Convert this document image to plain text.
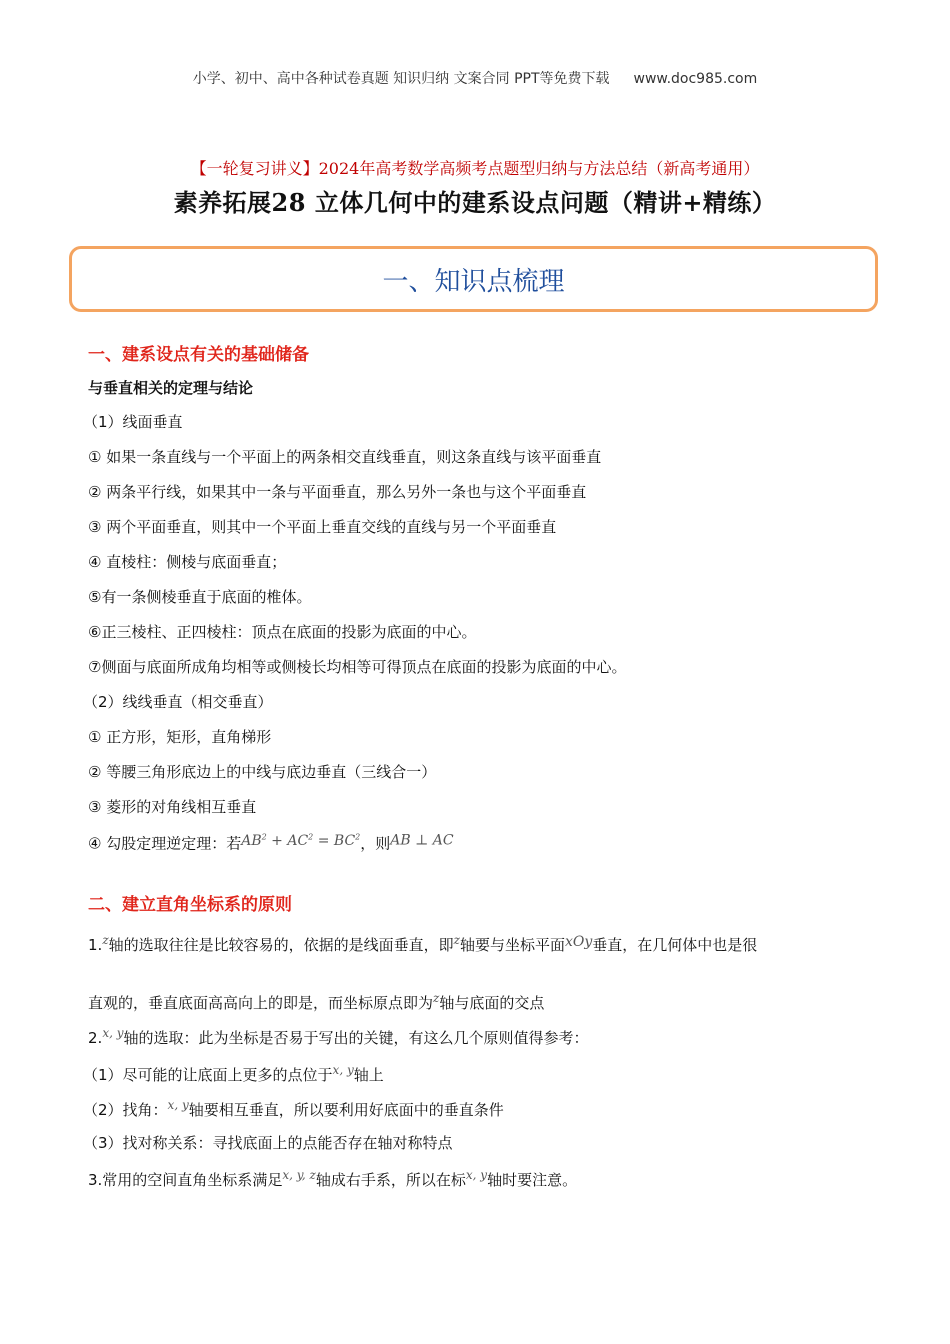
小学、初中、高中各种试卷真题 知识归纳 文案合同 PPT等免费下载 www.doc985.com
【一轮复习讲义】2024年高考数学高频考点题型归纳与方法总结（新高考通用）
素养拓展28 立体几何中的建系设点问题（精讲+精练）
一、知识点梳理
一、建系设点有关的基础储备
与垂直相关的定理与结论
（1）线面垂直
① 如果一条直线与一个平面上的两条相交直线垂直，则这条直线与该平面垂直
② 两条平行线，如果其中一条与平面垂直，那么另外一条也与这个平面垂直
③ 两个平面垂直，则其中一个平面上垂直交线的直线与另一个平面垂直
④ 直棱柱：侧棱与底面垂直；
⑤有一条侧棱垂直于底面的椎体。
⑥正三棱柱、正四棱柱：顶点在底面的投影为底面的中心。
⑦侧面与底面所成角均相等或侧棱长均相等可得顶点在底面的投影为底面的中心。
（2）线线垂直（相交垂直）
① 正方形，矩形，直角梯形
② 等腰三角形底边上的中线与底边垂直（三线合一）
③ 菱形的对角线相互垂直
④ 勾股定理逆定理：若$AB^2 + AC^2 = BC^2$，则AB ⊥ AC
二、建立直角坐标系的原则
1.$^z$轴的选取往往是比较容易的，依据的是线面垂直，即$^z$轴要与坐标平面xOy垂直，在几何体中也是很
直观的，垂直底面高高向上的即是，而坐标原点即为$^z$轴与底面的交点
2.$^{x, y}$轴的选取：此为坐标是否易于写出的关键，有这么几个原则值得参考：
（1）尽可能的让底面上更多的点位于$^{x, y}$轴上
（2）找角：$^{x, y}$轴要相互垂直，所以要利用好底面中的垂直条件
（3）找对称关系：寻找底面上的点能否存在轴对称特点
3.常用的空间直角坐标系满足$^{x, y, z}$轴成右手系，所以在标$^{x, y}$轴时要注意。
